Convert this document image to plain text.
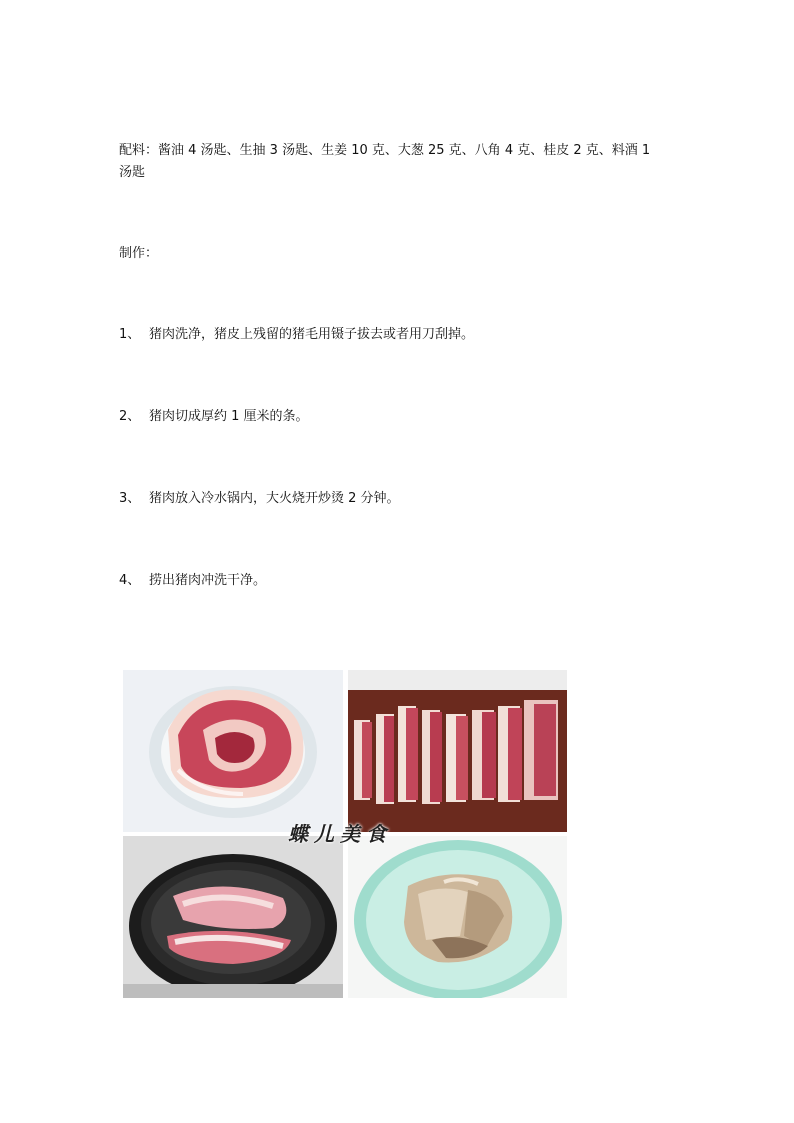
配料：酱油 4 汤匙、生抽 3 汤匙、生姜 10 克、大葱 25 克、八角 4 克、桂皮 2 克、料酒 1
汤匙
制作：
1、 猪肉洗净，猪皮上残留的猪毛用镊子拔去或者用刀刮掉。
2、 猪肉切成厚约 1 厘米的条。
3、 猪肉放入冷水锅内，大火烧开炒烫 2 分钟。
4、 捞出猪肉冲洗干净。
蝶儿美食
